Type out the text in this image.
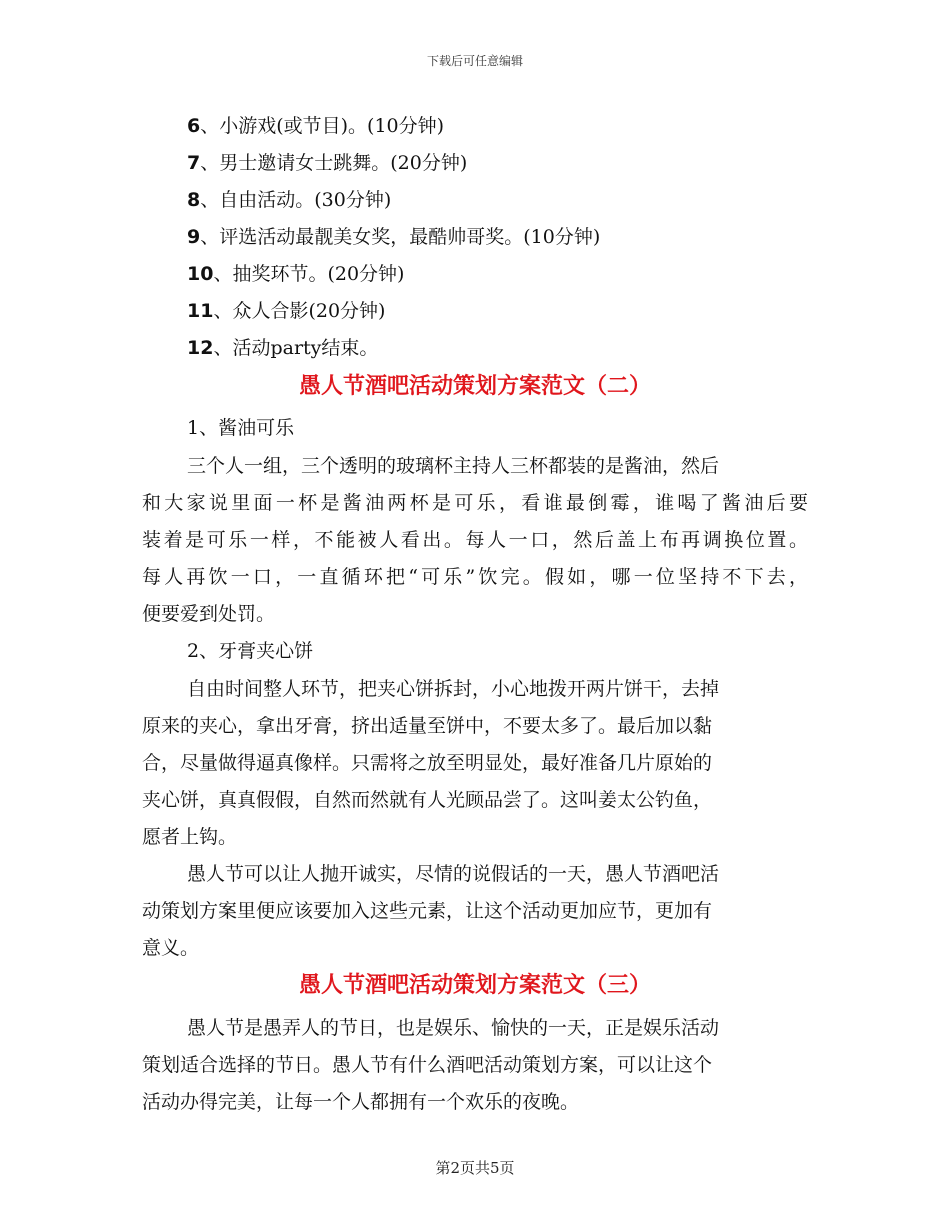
下载后可任意编辑
6、小游戏(或节目)。(10分钟)
7、男士邀请女士跳舞。(20分钟)
8、自由活动。(30分钟)
9、评选活动最靓美女奖，最酷帅哥奖。(10分钟)
10、抽奖环节。(20分钟)
11、众人合影(20分钟)
12、活动party结束。
愚人节酒吧活动策划方案范文（二）
1、酱油可乐
三个人一组，三个透明的玻璃杯主持人三杯都装的是酱油，然后
和大家说里面一杯是酱油两杯是可乐，看谁最倒霉，谁喝了酱油后要
装着是可乐一样，不能被人看出。每人一口，然后盖上布再调换位置。
每人再饮一口，一直循环把“可乐”饮完。假如，哪一位坚持不下去，
便要爱到处罚。
2、牙膏夹心饼
自由时间整人环节，把夹心饼拆封，小心地拨开两片饼干，去掉
原来的夹心，拿出牙膏，挤出适量至饼中，不要太多了。最后加以黏
合，尽量做得逼真像样。只需将之放至明显处，最好准备几片原始的
夹心饼，真真假假，自然而然就有人光顾品尝了。这叫姜太公钓鱼，
愿者上钩。
愚人节可以让人抛开诚实，尽情的说假话的一天，愚人节酒吧活
动策划方案里便应该要加入这些元素，让这个活动更加应节，更加有
意义。
愚人节酒吧活动策划方案范文（三）
愚人节是愚弄人的节日，也是娱乐、愉快的一天，正是娱乐活动
策划适合选择的节日。愚人节有什么酒吧活动策划方案，可以让这个
活动办得完美，让每一个人都拥有一个欢乐的夜晚。
第2页共5页
